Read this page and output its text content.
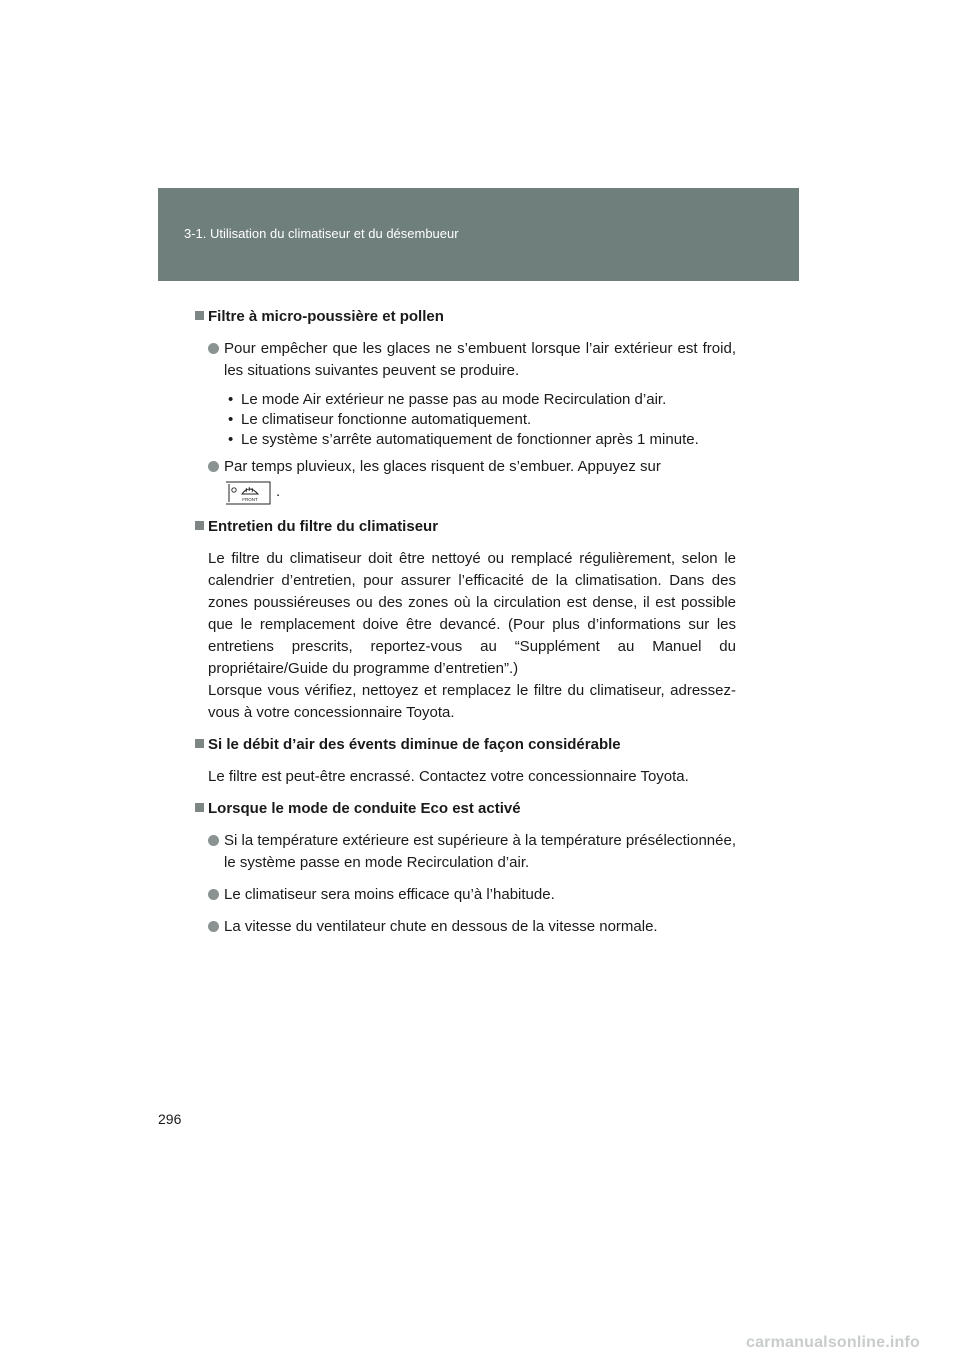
3-1. Utilisation du climatiseur et du désembueur
Filtre à micro-poussière et pollen
Pour empêcher que les glaces ne s’embuent lorsque l’air extérieur est froid, les situations suivantes peuvent se produire.
• Le mode Air extérieur ne passe pas au mode Recirculation d’air.
• Le climatiseur fonctionne automatiquement.
• Le système s’arrête automatiquement de fonctionner après 1 minute.
Par temps pluvieux, les glaces risquent de s’embuer. Appuyez sur

FRONT .
Entretien du filtre du climatiseur

Le filtre du climatiseur doit être nettoyé ou remplacé régulièrement, selon le calendrier d’entretien, pour assurer l’efficacité de la climatisation. Dans des zones poussiéreuses ou des zones où la circulation est dense, il est possible que le remplacement doive être devancé. (Pour plus d’informations sur les entretiens prescrits, reportez-vous au “Supplément au Manuel du propriétaire/Guide du programme d’entretien”.)

Lorsque vous vérifiez, nettoyez et remplacez le filtre du climatiseur, adressez-vous à votre concessionnaire Toyota.

Si le débit d’air des évents diminue de façon considérable

Le filtre est peut-être encrassé. Contactez votre concessionnaire Toyota.

Lorsque le mode de conduite Eco est activé
Si la température extérieure est supérieure à la température présélectionnée, le système passe en mode Recirculation d’air.
Le climatiseur sera moins efficace qu’à l’habitude.
La vitesse du ventilateur chute en dessous de la vitesse normale.
296
carmanualsonline.info
